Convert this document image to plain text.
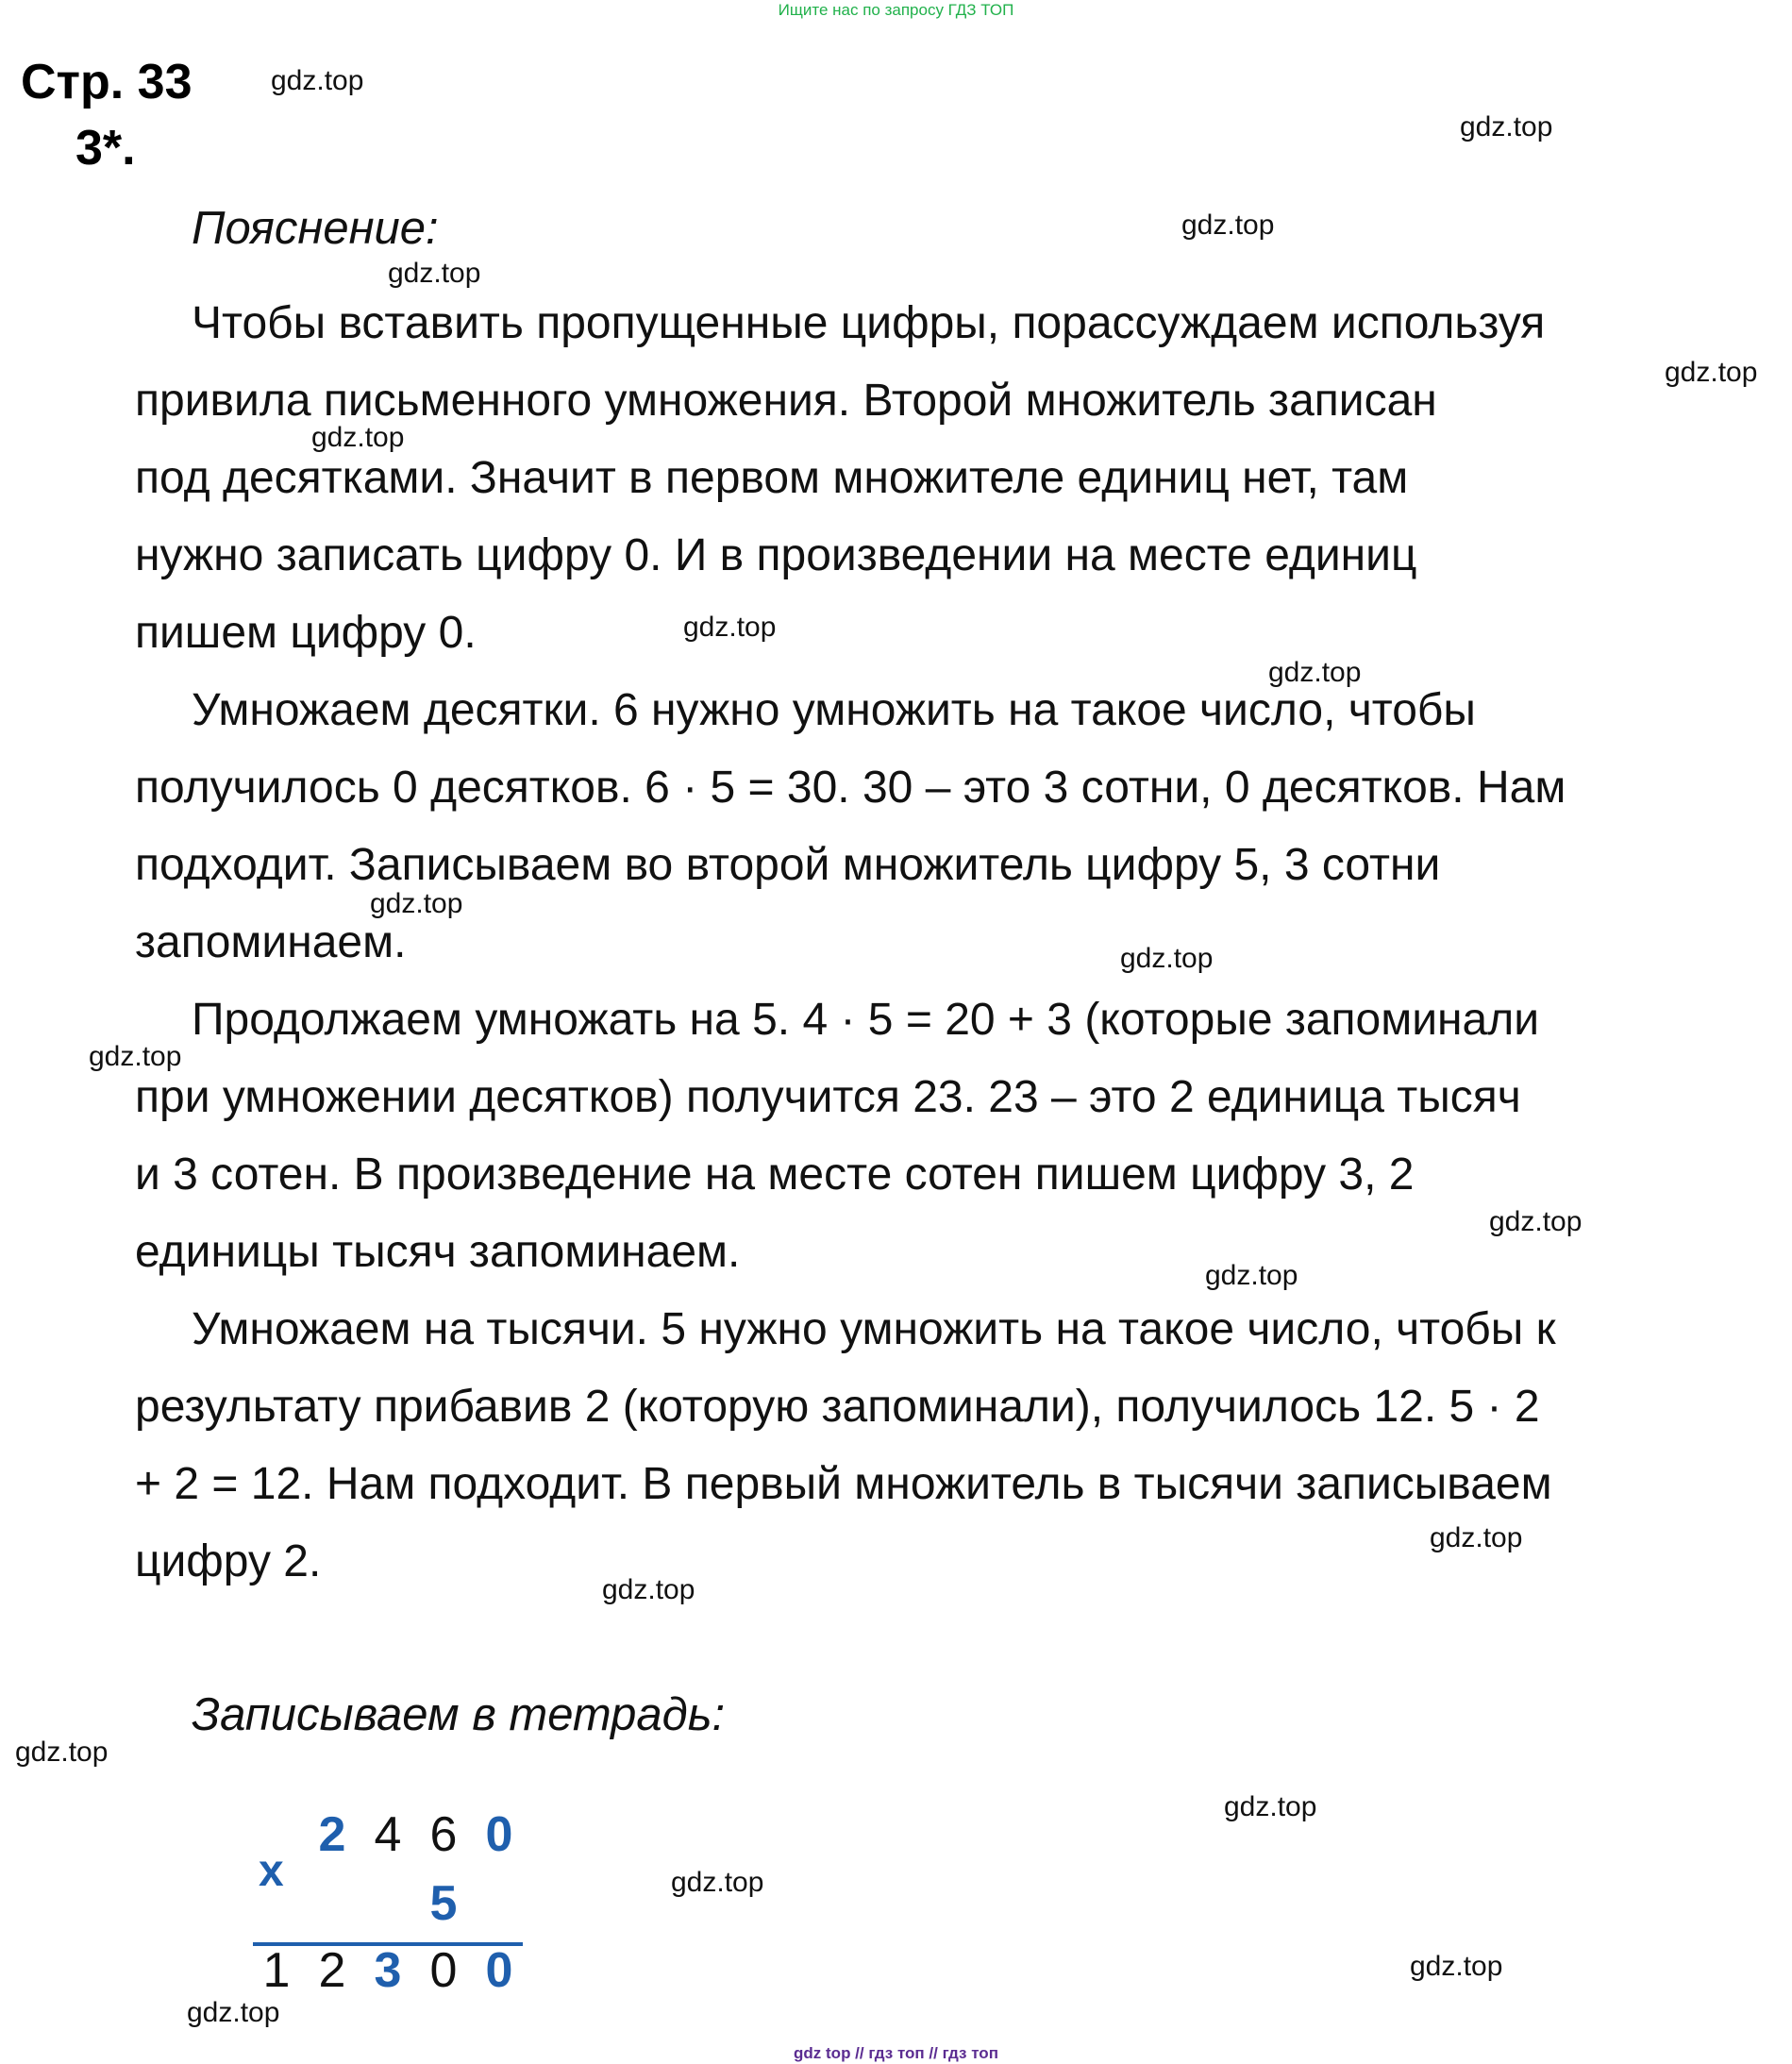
Ищите нас по запросу ГДЗ ТОП
Стр. 33
3*.
Пояснение:
Чтобы вставить пропущенные цифры, порассуждаем используя
привила письменного умножения. Второй множитель записан
под десятками. Значит в первом множителе единиц нет, там
нужно записать цифру 0. И в произведении на месте единиц
пишем цифру 0.
Умножаем десятки. 6 нужно умножить на такое число, чтобы
получилось 0 десятков. 6 · 5 = 30. 30 – это 3 сотни, 0 десятков. Нам
подходит. Записываем во второй множитель цифру 5, 3 сотни
запоминаем.
Продолжаем умножать на 5. 4 · 5 = 20 + 3 (которые запоминали
при умножении десятков) получится 23. 23 – это 2 единица тысяч
и 3 сотен. В произведение на месте сотен пишем цифру 3, 2
единицы тысяч запоминаем.
Умножаем на тысячи. 5 нужно умножить на такое число, чтобы к
результату прибавив 2 (которую запоминали), получилось 12. 5 · 2
+ 2 = 12. Нам подходит. В первый множитель в тысячи записываем
цифру 2.
Записываем в тетрадь:
x
2 4 6 0
5
1 2 3 0 0
gdz.top
gdz.top
gdz.top
gdz.top
gdz.top
gdz.top
gdz.top
gdz.top
gdz.top
gdz.top
gdz.top
gdz.top
gdz.top
gdz.top
gdz.top
gdz.top
gdz.top
gdz.top
gdz.top
gdz.top
gdz top // гдз топ // гдз топ
